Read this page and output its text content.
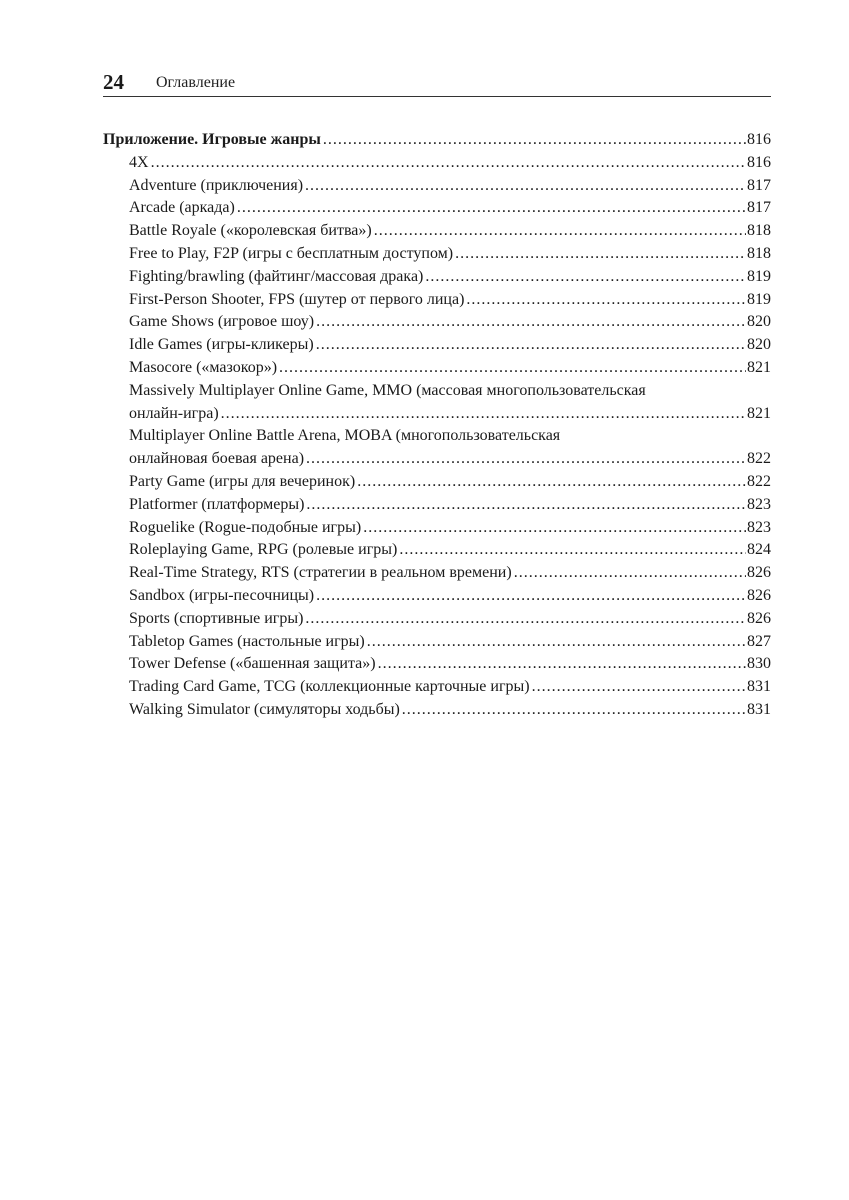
24 Оглавление
Приложение. Игровые жанры .....	816
4X .....	816
Adventure (приключения) .....	817
Arcade (аркада) .....	817
Battle Royale («королевская битва») .....	818
Free to Play, F2P (игры с бесплатным доступом) .....	818
Fighting/brawling (файтинг/массовая драка) .....	819
First-Person Shooter, FPS (шутер от первого лица) .....	819
Game Shows (игровое шоу) .....	820
Idle Games (игры-кликеры) .....	820
Masocore («мазокор») .....	821
Massively Multiplayer Online Game, MMO (массовая многопользовательская
онлайн-игра) .....	821
Multiplayer Online Battle Arena, MOBA (многопользовательская
онлайновая боевая арена) .....	822
Party Game (игры для вечеринок) .....	822
Platformer (платформеры) .....	823
Roguelike (Rogue-подобные игры) .....	823
Roleplaying Game, RPG (ролевые игры) .....	824
Real-Time Strategy, RTS (стратегии в реальном времени) .....	826
Sandbox (игры-песочницы) .....	826
Sports (спортивные игры) .....	826
Tabletop Games (настольные игры) .....	827
Tower Defense («башенная защита») .....	830
Trading Card Game, TCG (коллекционные карточные игры) .....	831
Walking Simulator (симуляторы ходьбы) .....	831
